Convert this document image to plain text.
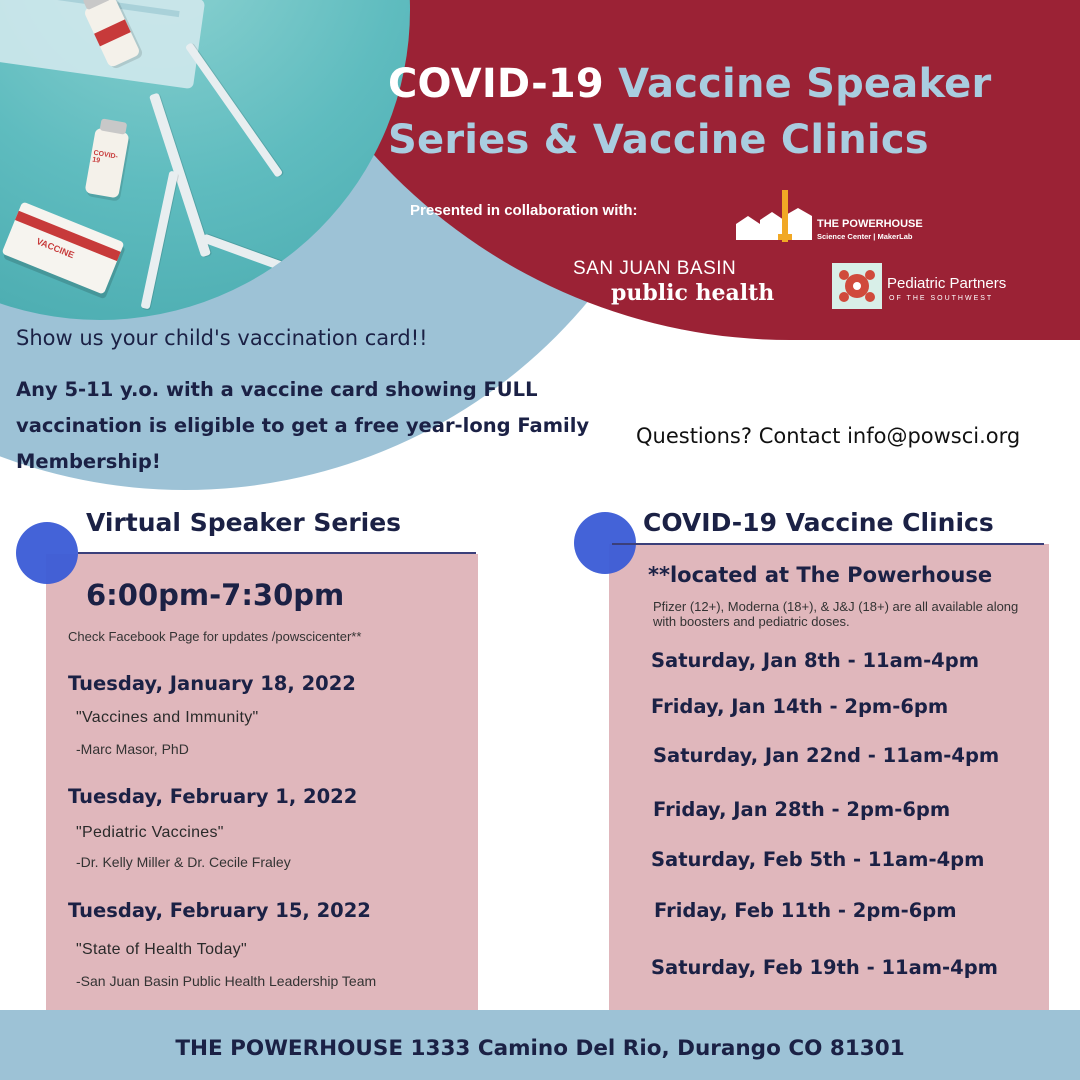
COVID-19
VACCINE
COVID-19 Vaccine Speaker
Series & Vaccine Clinics
Presented in collaboration with:
THE POWERHOUSE
Science Center | MakerLab
SAN JUAN BASIN
public health	Pediatric Partners
OF THE SOUTHWEST
Show us your child's vaccination card!!
Any 5-11 y.o. with a vaccine card showing FULL vaccination is eligible to get a free year-long Family Membership!
Questions? Contact info@powsci.org
Virtual Speaker Series
6:00pm-7:30pm
Check Facebook Page for updates /powscicenter**
Tuesday, January 18, 2022
"Vaccines and Immunity"
-Marc Masor, PhD
Tuesday, February 1, 2022
"Pediatric Vaccines"
-Dr. Kelly Miller & Dr. Cecile Fraley
Tuesday, February 15, 2022
"State of Health Today"
-San Juan Basin Public Health Leadership Team
COVID-19 Vaccine Clinics
**located at The Powerhouse
Pfizer (12+), Moderna (18+), & J&J (18+) are all available along with boosters and pediatric doses.
Saturday, Jan 8th - 11am-4pm
Friday, Jan 14th - 2pm-6pm
Saturday, Jan 22nd - 11am-4pm
Friday, Jan 28th - 2pm-6pm
Saturday, Feb 5th - 11am-4pm
Friday, Feb 11th - 2pm-6pm
Saturday, Feb 19th - 11am-4pm
THE POWERHOUSE 1333 Camino Del Rio, Durango CO 81301
